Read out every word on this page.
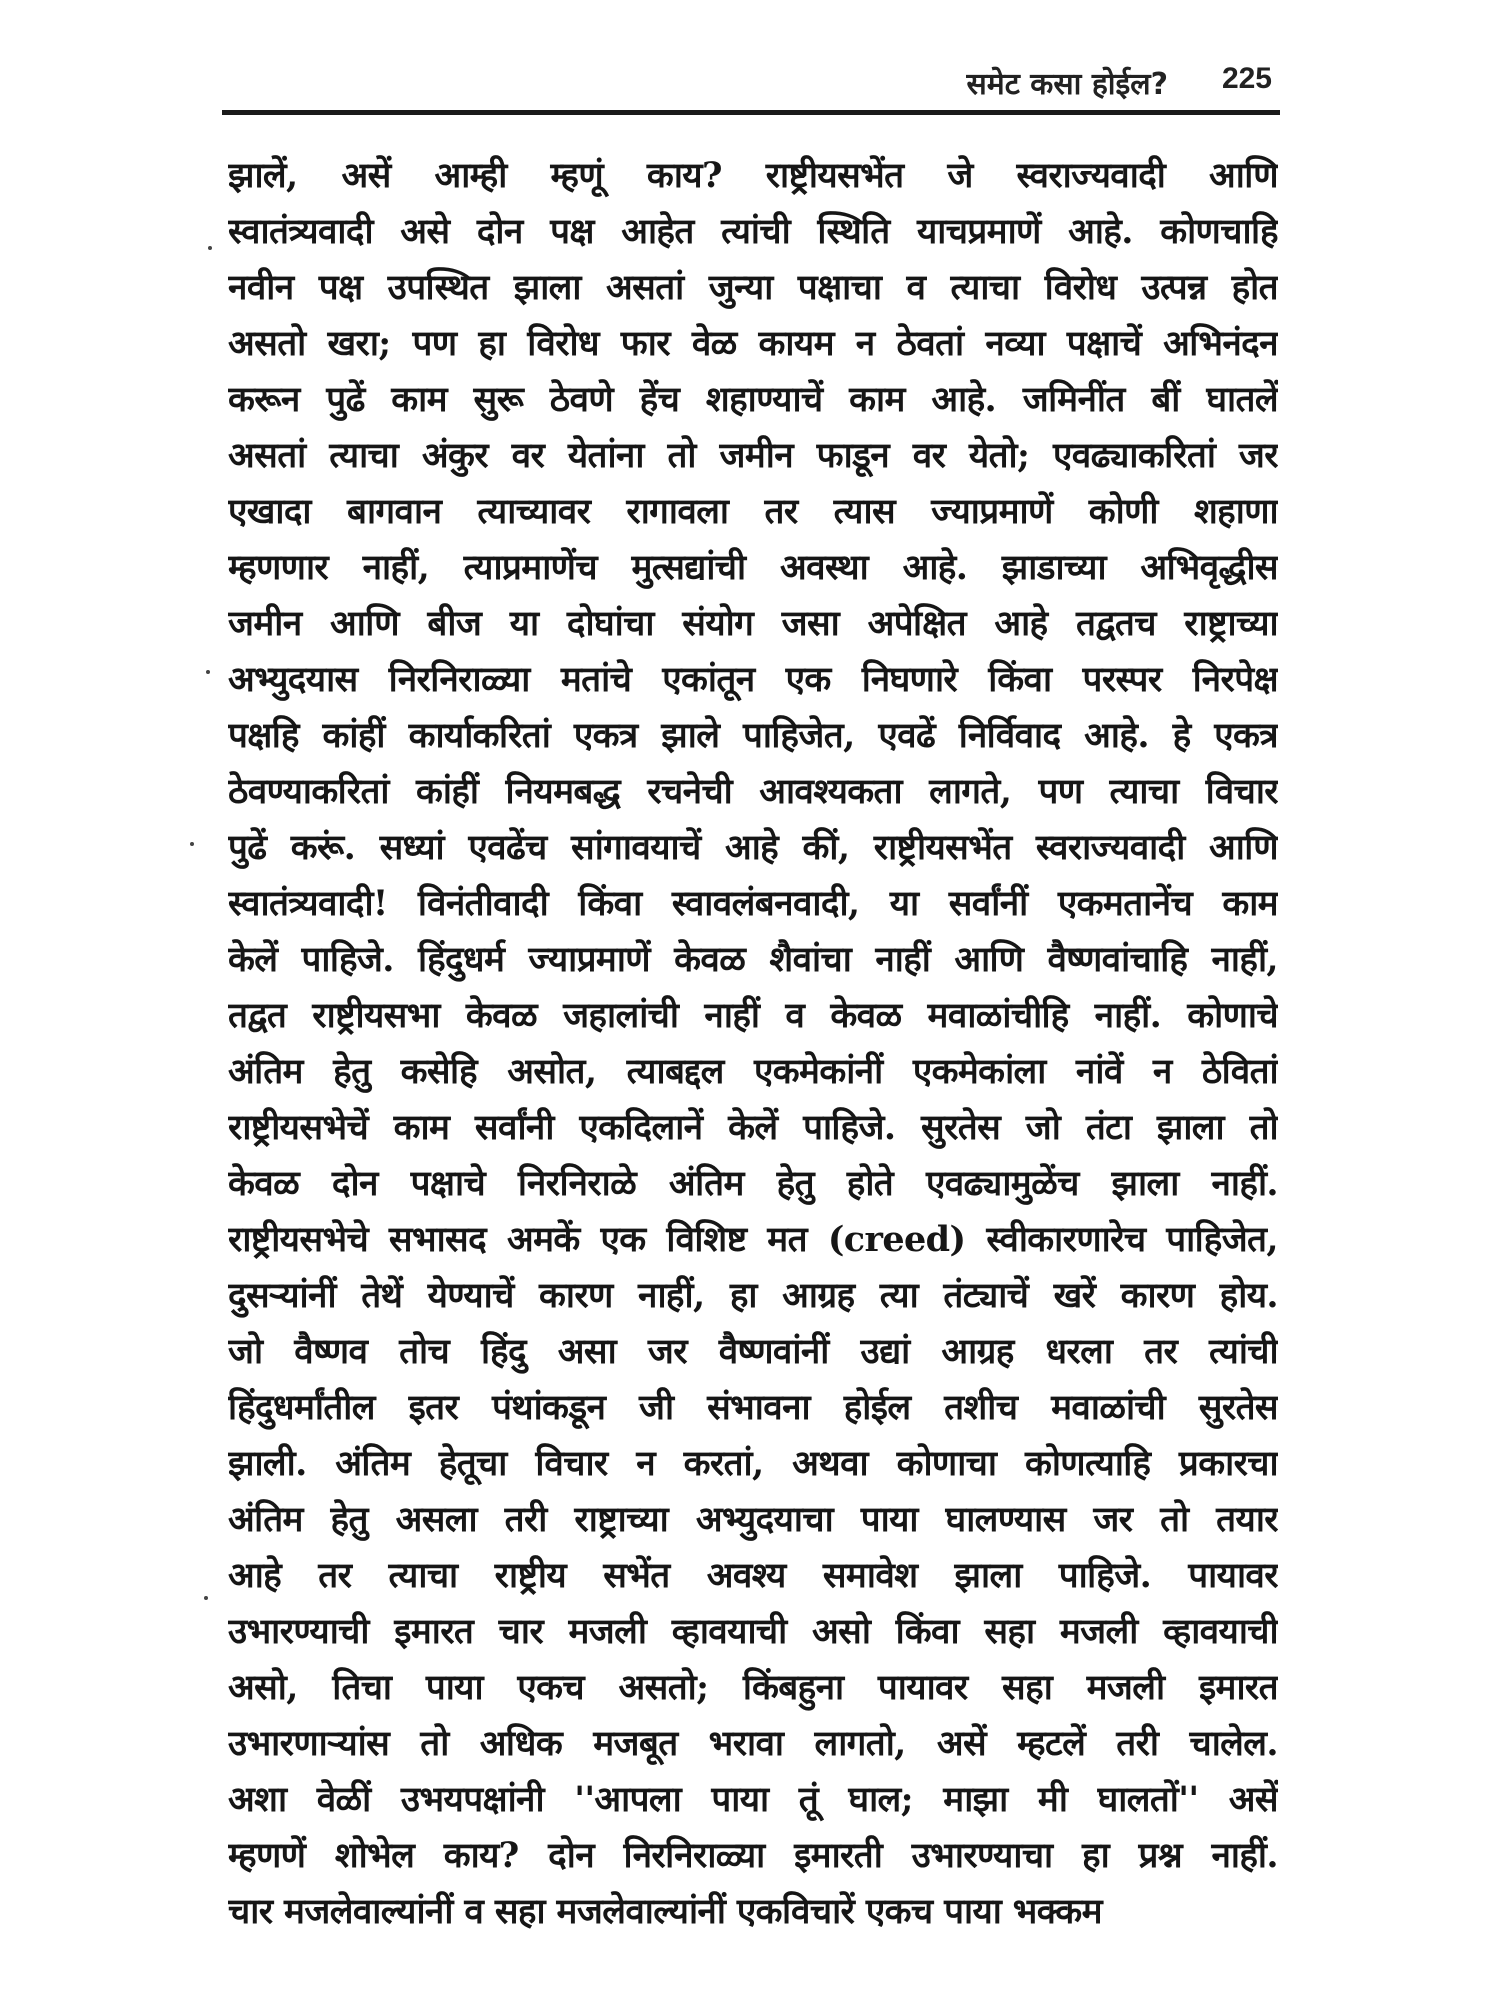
समेट कसा होईल? 225
झालें, असें आम्ही म्हणूं काय? राष्ट्रीयसभेंत जे स्वराज्यवादी आणि
स्वातंत्र्यवादी असे दोन पक्ष आहेत त्यांची स्थिति याचप्रमाणें आहे. कोणचाहि
नवीन पक्ष उपस्थित झाला असतां जुन्या पक्षाचा व त्याचा विरोध उत्पन्न होत
असतो खरा; पण हा विरोध फार वेळ कायम न ठेवतां नव्या पक्षाचें अभिनंदन
करून पुढें काम सुरू ठेवणे हेंच शहाण्याचें काम आहे. जमिनींत बीं घातलें
असतां त्याचा अंकुर वर येतांना तो जमीन फाडून वर येतो; एवढ्याकरितां जर
एखादा बागवान त्याच्यावर रागावला तर त्यास ज्याप्रमाणें कोणी शहाणा
म्हणणार नाहीं, त्याप्रमाणेंच मुत्सद्यांची अवस्था आहे. झाडाच्या अभिवृद्धीस
जमीन आणि बीज या दोघांचा संयोग जसा अपेक्षित आहे तद्वतच राष्ट्राच्या
अभ्युदयास निरनिराळ्या मतांचे एकांतून एक निघणारे किंवा परस्पर निरपेक्ष
पक्षहि कांहीं कार्याकरितां एकत्र झाले पाहिजेत, एवढें निर्विवाद आहे. हे एकत्र
ठेवण्याकरितां कांहीं नियमबद्ध रचनेची आवश्यकता लागते, पण त्याचा विचार
पुढें करूं. सध्यां एवढेंच सांगावयाचें आहे कीं, राष्ट्रीयसभेंत स्वराज्यवादी आणि
स्वातंत्र्यवादी! विनंतीवादी किंवा स्वावलंबनवादी, या सर्वांनीं एकमतानेंच काम
केलें पाहिजे. हिंदुधर्म ज्याप्रमाणें केवळ शैवांचा नाहीं आणि वैष्णवांचाहि नाहीं,
तद्वत राष्ट्रीयसभा केवळ जहालांची नाहीं व केवळ मवाळांचीहि नाहीं. कोणाचे
अंतिम हेतु कसेहि असोत, त्याबद्दल एकमेकांनीं एकमेकांला नांवें न ठेवितां
राष्ट्रीयसभेचें काम सर्वांनी एकदिलानें केलें पाहिजे. सुरतेस जो तंटा झाला तो
केवळ दोन पक्षाचे निरनिराळे अंतिम हेतु होते एवढ्यामुळेंच झाला नाहीं.
राष्ट्रीयसभेचे सभासद अमकें एक विशिष्ट मत (creed) स्वीकारणारेच पाहिजेत,
दुसऱ्यांनीं तेथें येण्याचें कारण नाहीं, हा आग्रह त्या तंट्याचें खरें कारण होय.
जो वैष्णव तोच हिंदु असा जर वैष्णवांनीं उद्यां आग्रह धरला तर त्यांची
हिंदुधर्मांतील इतर पंथांकडून जी संभावना होईल तशीच मवाळांची सुरतेस
झाली. अंतिम हेतूचा विचार न करतां, अथवा कोणाचा कोणत्याहि प्रकारचा
अंतिम हेतु असला तरी राष्ट्राच्या अभ्युदयाचा पाया घालण्यास जर तो तयार
आहे तर त्याचा राष्ट्रीय सभेंत अवश्य समावेश झाला पाहिजे. पायावर
उभारण्याची इमारत चार मजली व्हावयाची असो किंवा सहा मजली व्हावयाची
असो, तिचा पाया एकच असतो; किंबहुना पायावर सहा मजली इमारत
उभारणाऱ्यांस तो अधिक मजबूत भरावा लागतो, असें म्हटलें तरी चालेल.
अशा वेळीं उभयपक्षांनी ''आपला पाया तूं घाल; माझा मी घालतों'' असें
म्हणणें शोभेल काय? दोन निरनिराळ्या इमारती उभारण्याचा हा प्रश्न नाहीं.
चार मजलेवाल्यांनीं व सहा मजलेवाल्यांनीं एकविचारें एकच पाया भक्कम
